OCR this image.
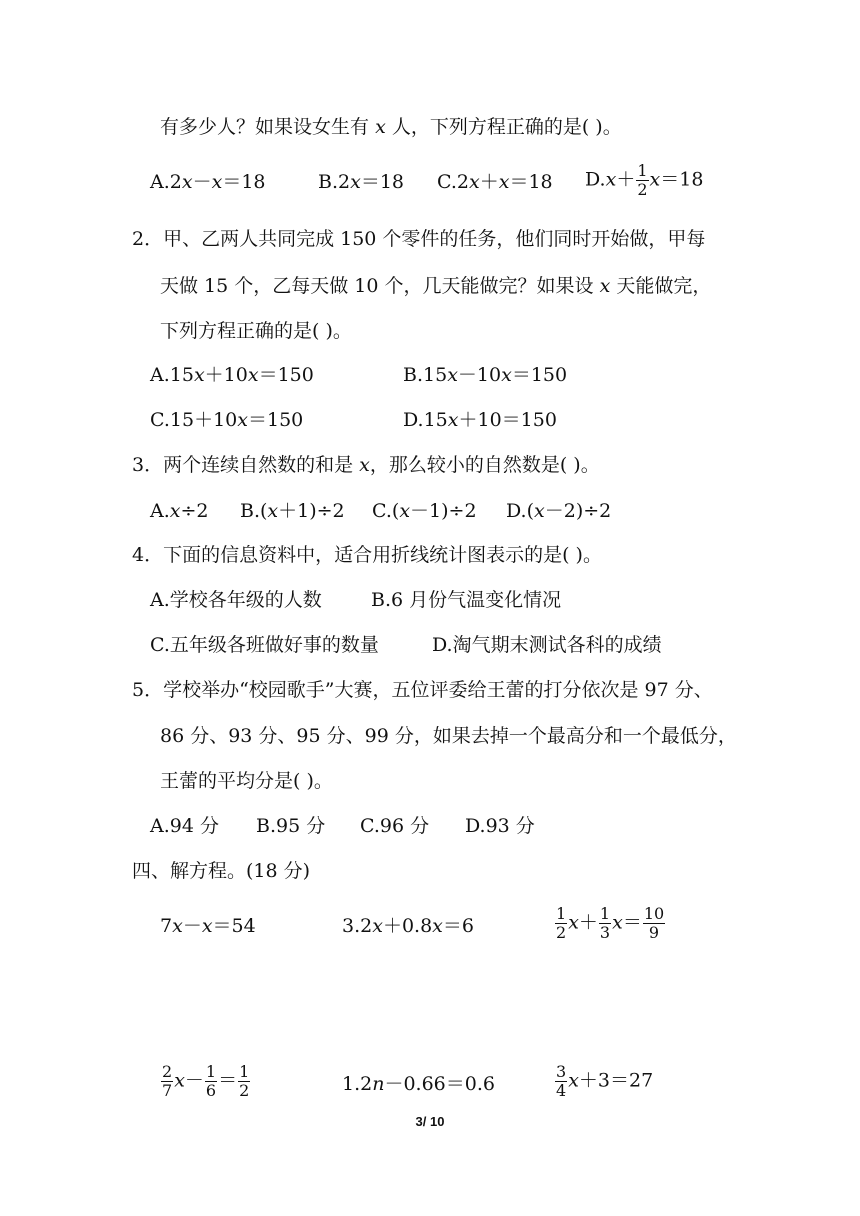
有多少人？如果设女生有 x 人，下列方程正确的是( )。
A.2x－x＝18	B.2x＝18 C.2x＋x＝18 $D.x+ \frac{1}{2} x=18$
2．甲、乙两人共同完成 150 个零件的任务，他们同时开始做，甲每
天做 15 个，乙每天做 10 个，几天能做完？如果设 x 天能做完，
下列方程正确的是( )。
A.15x＋10x＝150	B.15x－10x＝150
C.15＋10x＝150	D.15x＋10＝150
3．两个连续自然数的和是 x，那么较小的自然数是( )。
A.x÷2 B.(x＋1)÷2 C.(x－1)÷2 D.(x－2)÷2
4．下面的信息资料中，适合用折线统计图表示的是( )。
A.学校各年级的人数	B.6 月份气温变化情况
C.五年级各班做好事的数量	D.淘气期末测试各科的成绩
5．学校举办“校园歌手”大赛，五位评委给王蕾的打分依次是 97 分、
86 分、93 分、95 分、99 分，如果去掉一个最高分和一个最低分，
王蕾的平均分是( )。
A.94 分 B.95 分 C.96 分 D.93 分
四、解方程。(18 分)
7x－x＝54	3.2x＋0.8x＝6	$\frac{1}{2} x+ \frac{1}{3} x= \frac{10}{9}$
$\frac{2}{7} x- \frac{1}{6} = \frac{1}{2}$	1.2n－0.66＝0.6	$\frac{3}{4} x+3=27$
3/ 10
